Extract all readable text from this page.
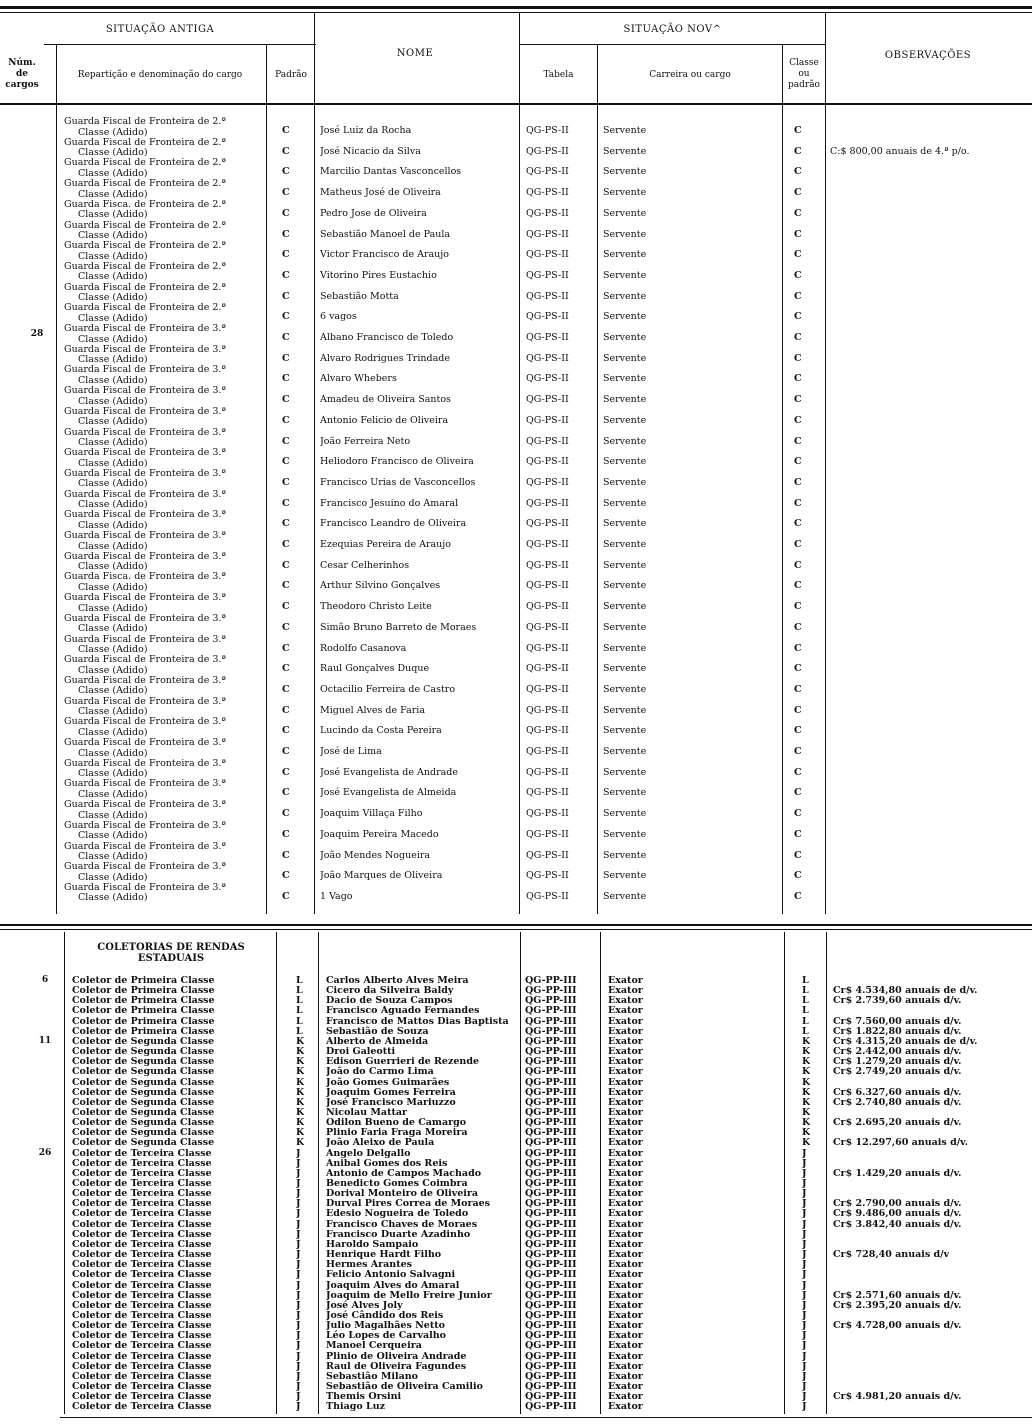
SITUAÇÃO ANTIGA
NOME
SITUAÇÃO NOV^
OBSERVAÇÕES
Núm. de cargos
Repartição e denominação do cargo	Padrão	Tabela	Carreira ou cargo
Classe ou padrão
28
Guarda Fiscal de Fronteira de 2.ª
Classe (Adido)	C	José Luiz da Rocha	QG-PS-II	Servente	C
Guarda Fiscal de Fronteira de 2.ª
Classe (Adido)	C	José Nicacio da Silva	QG-PS-II	Servente	C	C:$ 800,00 anuais de 4.ª p/o.
Guarda Fiscal de Fronteira de 2.ª
Classe (Adido)	C	Marcilio Dantas Vasconcellos	QG-PS-II	Servente	C
Guarda Fiscal de Fronteira de 2.ª
Classe (Adido)	C	Matheus José de Oliveira	QG-PS-II	Servente	C
Guarda Fisca. de Fronteira de 2.ª
Classe (Adido)	C	Pedro Jose de Oliveira	QG-PS-II	Servente	C
Guarda Fiscal de Fronteira de 2.ª
Classe (Adido)	C	Sebastião Manoel de Paula	QG-PS-II	Servente	C
Guarda Fiscal de Fronteira de 2.ª
Classe (Adido)	C	Victor Francisco de Araujo	QG-PS-II	Servente	C
Guarda Fiscal de Fronteira de 2.ª
Classe (Adido)	C	Vitorino Pires Eustachio	QG-PS-II	Servente	C
Guarda Fiscal de Fronteira de 2.ª
Classe (Adido)	C	Sebastião Motta	QG-PS-II	Servente	C
Guarda Fiscal de Fronteira de 2.ª
Classe (Adido)	C	6 vagos	QG-PS-II	Servente	C
Guarda Fiscal de Fronteira de 3.ª
Classe (Adido)	C	Albano Francisco de Toledo	QG-PS-II	Servente	C
Guarda Fiscal de Fronteira de 3.ª
Classe (Adido)	C	Alvaro Rodrigues Trindade	QG-PS-II	Servente	C
Guarda Fiscal de Fronteira de 3.ª
Classe (Adido)	C	Alvaro Whebers	QG-PS-II	Servente	C
Guarda Fiscal de Fronteira de 3.ª
Classe (Adido)	C	Amadeu de Oliveira Santos	QG-PS-II	Servente	C
Guarda Fiscal de Fronteira de 3.ª
Classe (Adido)	C	Antonio Felicio de Oliveira	QG-PS-II	Servente	C
Guarda Fiscal de Fronteira de 3.ª
Classe (Adido)	C	João Ferreira Neto	QG-PS-II	Servente	C
Guarda Fiscal de Fronteira de 3.ª
Classe (Adido)	C	Heliodoro Francisco de Oliveira	QG-PS-II	Servente	C
Guarda Fiscal de Fronteira de 3.ª
Classe (Adido)	C	Francisco Urias de Vasconcellos	QG-PS-II	Servente	C
Guarda Fiscal de Fronteira de 3.ª
Classe (Adido)	C	Francisco Jesuino do Amaral	QG-PS-II	Servente	C
Guarda Fiscal de Fronteira de 3.ª
Classe (Adido)	C	Francisco Leandro de Oliveira	QG-PS-II	Servente	C
Guarda Fiscal de Fronteira de 3.ª
Classe (Adido)	C	Ezequias Pereira de Araujo	QG-PS-II	Servente	C
Guarda Fiscal de Fronteira de 3.ª
Classe (Adido)	C	Cesar Celherinhos	QG-PS-II	Servente	C
Guarda Fisca. de Fronteira de 3.ª
Classe (Adido)	C	Arthur Silvino Gonçalves	QG-PS-II	Servente	C
Guarda Fiscal de Fronteira de 3.ª
Classe (Adido)	C	Theodoro Christo Leite	QG-PS-II	Servente	C
Guarda Fiscal de Fronteira de 3.ª
Classe (Adido)	C	Simão Bruno Barreto de Moraes	QG-PS-II	Servente	C
Guarda Fiscal de Fronteira de 3.ª
Classe (Adido)	C	Rodolfo Casanova	QG-PS-II	Servente	C
Guarda Fiscal de Fronteira de 3.ª
Classe (Adido)	C	Raul Gonçalves Duque	QG-PS-II	Servente	C
Guarda Fiscal de Fronteira de 3.ª
Classe (Adido)	C	Octacilio Ferreira de Castro	QG-PS-II	Servente	C
Guarda Fiscal de Fronteira de 3.ª
Classe (Adido)	C	Miguel Alves de Faria	QG-PS-II	Servente	C
Guarda Fiscal de Fronteira de 3.ª
Classe (Adido)	C	Lucindo da Costa Pereira	QG-PS-II	Servente	C
Guarda Fiscal de Fronteira de 3.ª
Classe (Adido)	C	José de Lima	QG-PS-II	Servente	C
Guarda Fiscal de Fronteira de 3.ª
Classe (Adido)	C	José Evangelista de Andrade	QG-PS-II	Servente	C
Guarda Fiscal de Fronteira de 3.ª
Classe (Adido)	C	José Evangelista de Almeida	QG-PS-II	Servente	C
Guarda Fiscal de Fronteira de 3.ª
Classe (Adido)	C	Joaquim Villaça Filho	QG-PS-II	Servente	C
Guarda Fiscal de Fronteira de 3.ª
Classe (Adido)	C	Joaquim Pereira Macedo	QG-PS-II	Servente	C
Guarda Fiscal de Fronteira de 3.ª
Classe (Adido)	C	João Mendes Nogueira	QG-PS-II	Servente	C
Guarda Fiscal de Fronteira de 3.ª
Classe (Adido)	C	João Marques de Oliveira	QG-PS-II	Servente	C
Guarda Fiscal de Fronteira de 3.ª
Classe (Adido)	C	1 Vago	QG-PS-II	Servente	C
COLETORIAS DE RENDAS ESTADUAIS
6
11
26
Coletor de Primeira Classe	L Carlos Alberto Alves Meira	QG-PP-III	Exator	L
Coletor de Primeira Classe	L Cicero da Silveira Baldy	QG-PP-III	Exator	L	Cr$ 4.534,80 anuais de d/v.
Coletor de Primeira Classe	L Dacio de Souza Campos	QG-PP-III	Exator	L	Cr$ 2.739,60 anuais d/v.
Coletor de Primeira Classe	L Francisco Aguado Fernandes	QG-PP-III	Exator	L
Coletor de Primeira Classe	L Francisco de Mattos Dias Baptista	QG-PP-III	Exator	L	Cr$ 7.560,00 anuais d/v.
Coletor de Primeira Classe	L Sebastião de Souza	QG-PP-III	Exator	L	Cr$ 1.822,80 anuais d/v.
Coletor de Segunda Classe	K Alberto de Almeida	QG-PP-III	Exator	K Cr$ 4.315,20 anuais de d/v.
Coletor de Segunda Classe	K Droi Galeotti	QG-PP-III	Exator	K Cr$ 2.442,00 anuais d/v.
Coletor de Segunda Classe	K Edison Guerrieri de Rezende	QG-PP-III	Exator	K Cr$ 1.279,20 anuais d/v.
Coletor de Segunda Classe	K João do Carmo Lima	QG-PP-III	Exator	K Cr$ 2.749,20 anuais d/v.
Coletor de Segunda Classe	K João Gomes Guimarães	QG-PP-III	Exator	K
Coletor de Segunda Classe	K Joaquim Gomes Ferreira	QG-PP-III	Exator	K Cr$ 6.327,60 anuais d/v.
Coletor de Segunda Classe	K José Francisco Mariuzzo	QG-PP-III	Exator	K Cr$ 2.740,80 anuais d/v.
Coletor de Segunda Classe	K Nicolau Mattar	QG-PP-III	Exator	K
Coletor de Segunda Classe	K Odilon Bueno de Camargo	QG-PP-III	Exator	K Cr$ 2.695,20 anuais d/v.
Coletor de Segunda Classe	K Plinio Faria Fraga Moreira	QG-PP-III	Exator	K
Coletor de Segunda Classe	K João Aleixo de Paula	QG-PP-III	Exator	K Cr$ 12.297,60 anuais d/v.
Coletor de Terceira Classe	J	Angelo Delgallo	QG-PP-III	Exator	J
Coletor de Terceira Classe	J	Anibal Gomes dos Reis	QG-PP-III	Exator	J
Coletor de Terceira Classe	J	Antonio de Campos Machado	QG-PP-III	Exator	J	Cr$ 1.429,20 anuais d/v.
Coletor de Terceira Classe	J	Benedicto Gomes Coimbra	QG-PP-III	Exator	J
Coletor de Terceira Classe	J	Dorival Monteiro de Oliveira	QG-PP-III	Exator	J
Coletor de Terceira Classe	J	Durval Pires Correa de Moraes	QG-PP-III	Exator	J	Cr$ 2.790,00 anuais d/v.
Coletor de Terceira Classe	J	Edesio Nogueira de Toledo	QG-PP-III	Exator	J	Cr$ 9.486,00 anuais d/v.
Coletor de Terceira Classe	J	Francisco Chaves de Moraes	QG-PP-III	Exator	J	Cr$ 3.842,40 anuais d/v.
Coletor de Terceira Classe	J	Francisco Duarte Azadinho	QG-PP-III	Exator	J
Coletor de Terceira Classe	J	Haroldo Sampaio	QG-PP-III	Exator	J
Coletor de Terceira Classe	J	Henrique Hardt Filho	QG-PP-III	Exator	J	Cr$ 728,40 anuais d/v
Coletor de Terceira Classe	J	Hermes Arantes	QG-PP-III	Exator	J
Coletor de Terceira Classe	J	Felicio Antonio Salvagni	QG-PP-III	Exator	J
Coletor de Terceira Classe	J	Joaquim Alves do Amaral	QG-PP-III	Exator	J
Coletor de Terceira Classe	J	Joaquim de Mello Freire Junior	QG-PP-III	Exator	J	Cr$ 2.571,60 anuais d/v.
Coletor de Terceira Classe	J	José Alves Joly	QG-PP-III	Exator	J	Cr$ 2.395,20 anuais d/v.
Coletor de Terceira Classe	J	José Cândido dos Reis	QG-PP-III	Exator	J
Coletor de Terceira Classe	J	Julio Magalhães Netto	QG-PP-III	Exator	J	Cr$ 4.728,00 anuais d/v.
Coletor de Terceira Classe	J	Léo Lopes de Carvalho	QG-PP-III	Exator	J
Coletor de Terceira Classe	J	Manoel Cerqueira	QG-PP-III	Exator	J
Coletor de Terceira Classe	J	Plinio de Oliveira Andrade	QG-PP-III	Exator	J
Coletor de Terceira Classe	J	Raul de Oliveira Fagundes	QG-PP-III	Exator	J
Coletor de Terceira Classe	J	Sebastião Milano	QG-PP-III	Exator	J
Coletor de Terceira Classe	J	Sebastião de Oliveira Camilio	QG-PP-III	Exator	J
Coletor de Terceira Classe	J	Themis Orsini	QG-PP-III	Exator	J	Cr$ 4.981,20 anuais d/v.
Coletor de Terceira Classe	J	Thiago Luz	QG-PP-III	Exator	J
